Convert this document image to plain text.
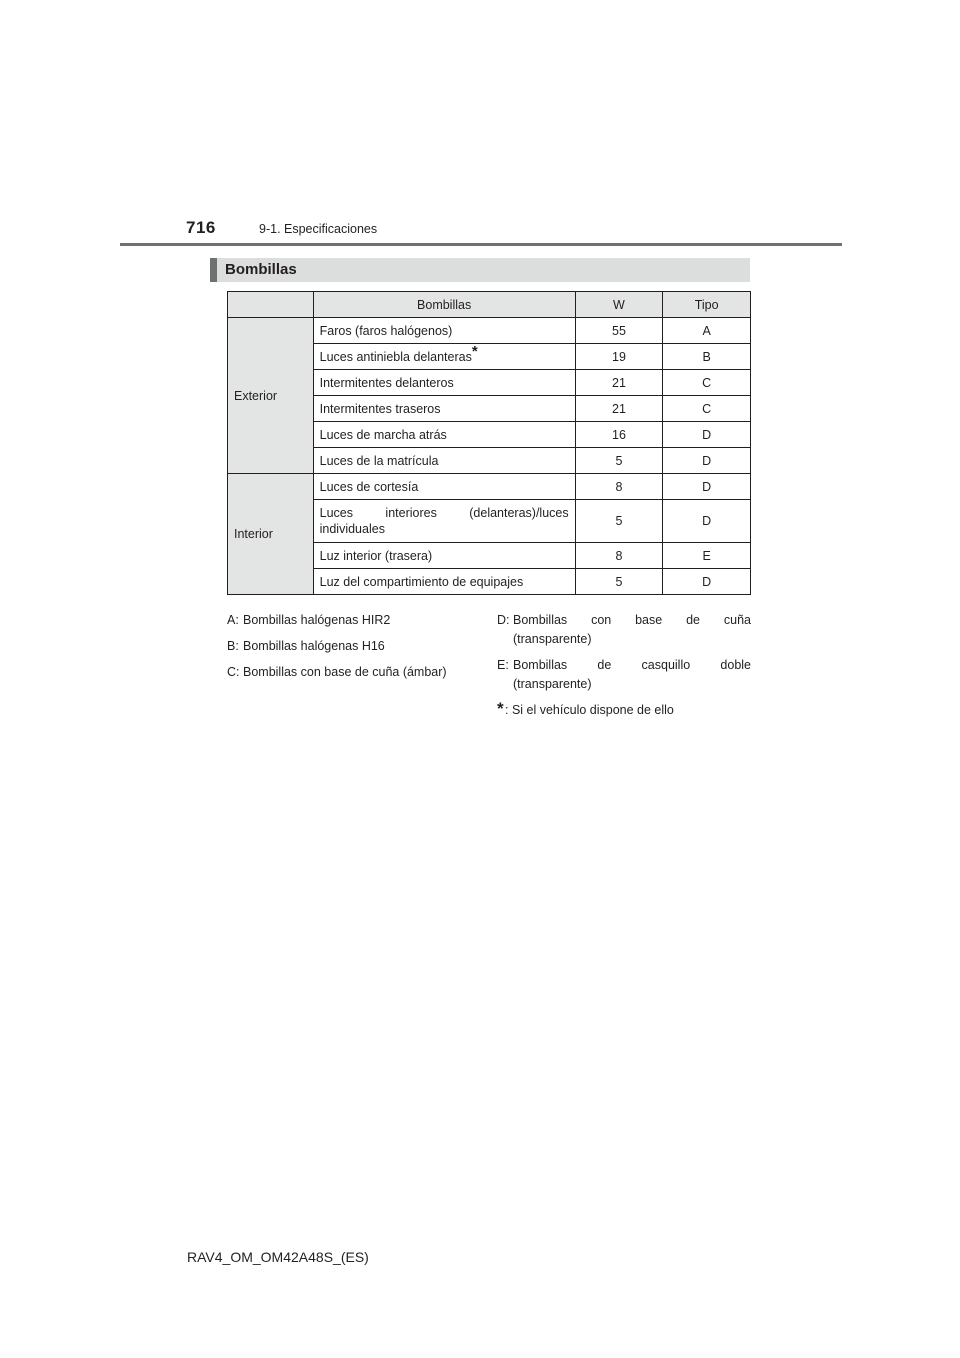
716	9-1. Especificaciones
Bombillas
	Bombillas	W	Tipo
Exterior	Faros (faros halógenos)	55	A
	Luces antiniebla delanteras*	19	B
	Intermitentes delanteros	21	C
	Intermitentes traseros	21	C
	Luces de marcha atrás	16	D
	Luces de la matrícula	5	D
Interior	Luces de cortesía	8	D
	Luces interiores (delanteras)/luces individuales	5	D
	Luz interior (trasera)	8	E
	Luz del compartimiento de equipajes	5	D
A: Bombillas halógenas HIR2
B: Bombillas halógenas H16
C: Bombillas con base de cuña (ámbar)
D: Bombillas con base de cuña (transparente)
E: Bombillas de casquillo doble (transparente)
* : Si el vehículo dispone de ello
RAV4_OM_OM42A48S_(ES)
